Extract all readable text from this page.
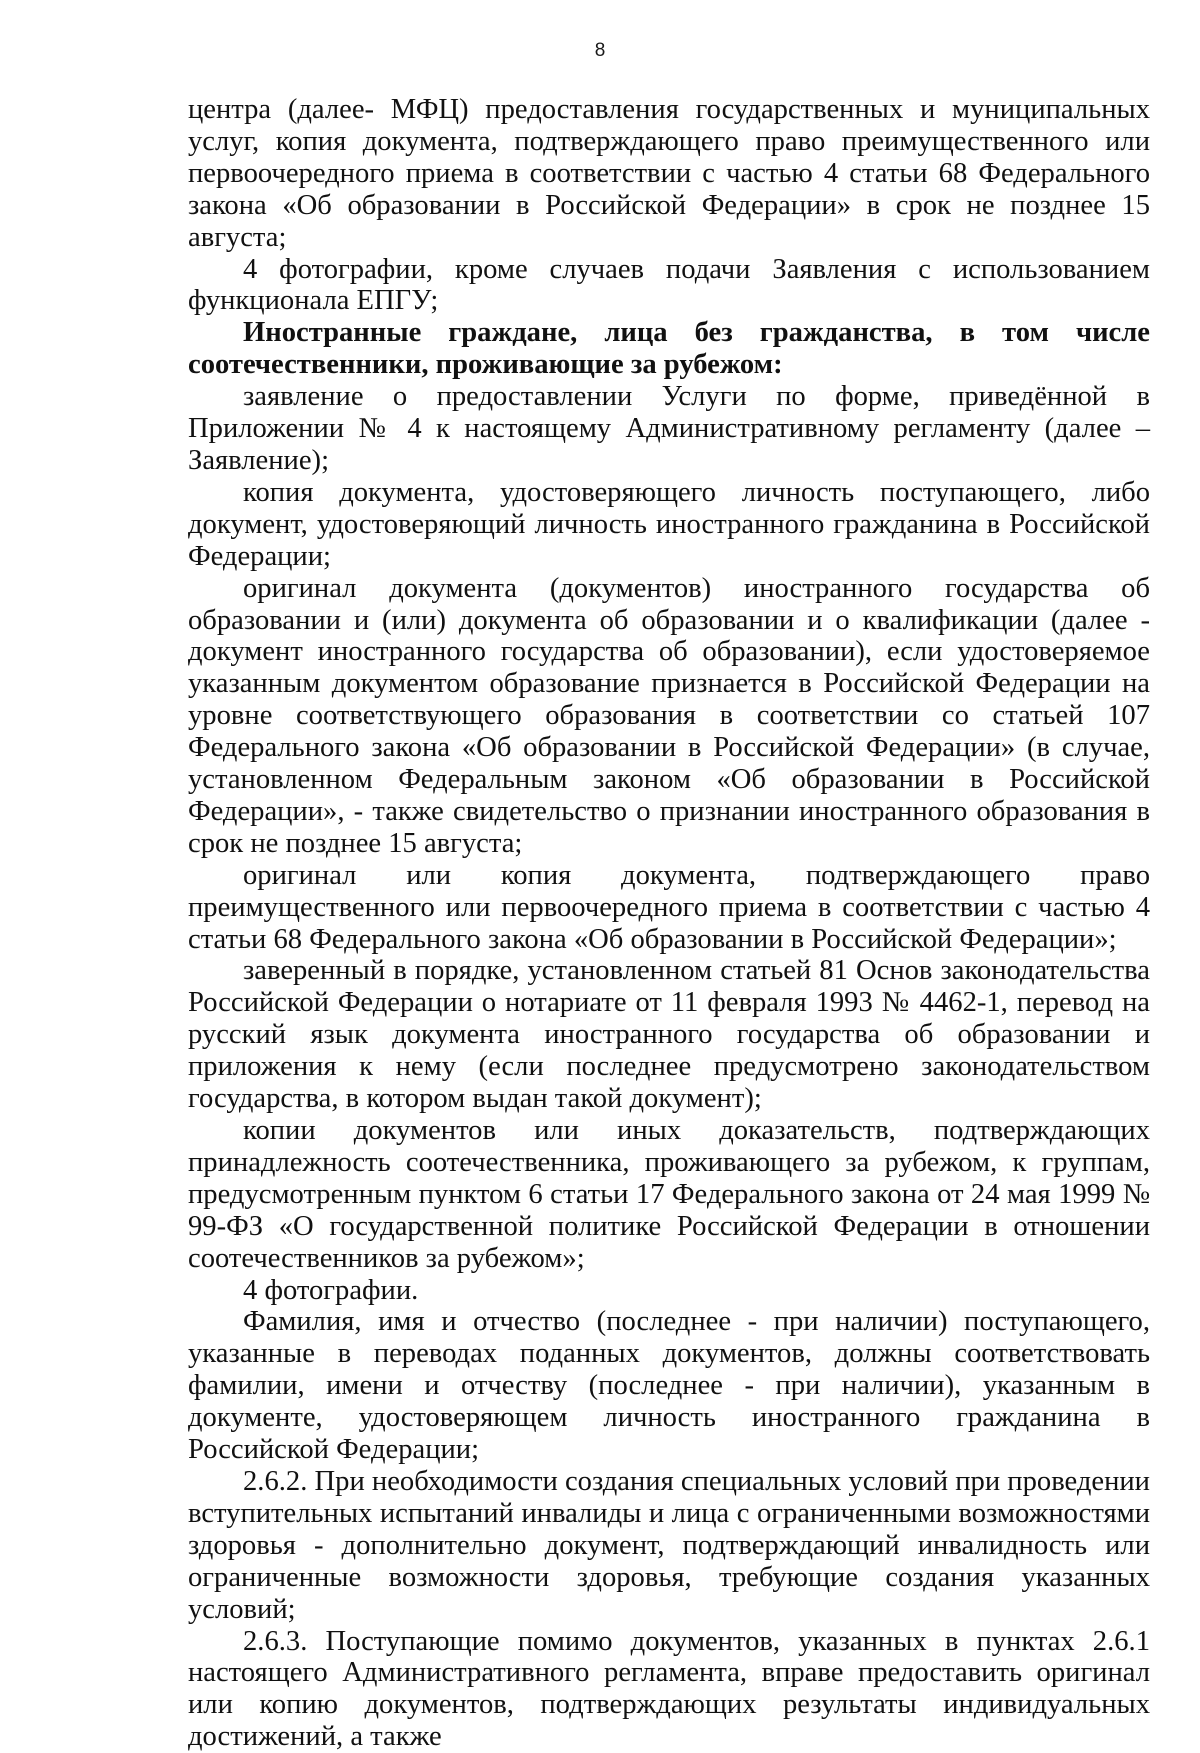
8

центра (далее- МФЦ) предоставления государственных и муниципальных услуг, копия документа, подтверждающего право преимущественного или первоочередного приема в соответствии с частью 4 статьи 68 Федерального закона «Об образовании в Российской Федерации» в срок не позднее 15 августа;

4 фотографии, кроме случаев подачи Заявления с использованием функционала ЕПГУ;

Иностранные граждане, лица без гражданства, в том числе соотечественники, проживающие за рубежом:

заявление о предоставлении Услуги по форме, приведённой в Приложении № 4 к настоящему Административному регламенту (далее – Заявление);

копия документа, удостоверяющего личность поступающего, либо документ, удостоверяющий личность иностранного гражданина в Российской Федерации;

оригинал документа (документов) иностранного государства об образовании и (или) документа об образовании и о квалификации (далее - документ иностранного государства об образовании), если удостоверяемое указанным документом образование признается в Российской Федерации на уровне соответствующего образования в соответствии со статьей 107 Федерального закона «Об образовании в Российской Федерации» (в случае, установленном Федеральным законом «Об образовании в Российской Федерации», - также свидетельство о признании иностранного образования в срок не позднее 15 августа;

оригинал или копия документа, подтверждающего право преимущественного или первоочередного приема в соответствии с частью 4 статьи 68 Федерального закона «Об образовании в Российской Федерации»;

заверенный в порядке, установленном статьей 81 Основ законодательства Российской Федерации о нотариате от 11 февраля 1993 № 4462-1, перевод на русский язык документа иностранного государства об образовании и приложения к нему (если последнее предусмотрено законодательством государства, в котором выдан такой документ);

копии документов или иных доказательств, подтверждающих принадлежность соотечественника, проживающего за рубежом, к группам, предусмотренным пунктом 6 статьи 17 Федерального закона от 24 мая 1999 № 99-ФЗ «О государственной политике Российской Федерации в отношении соотечественников за рубежом»;

4 фотографии.

Фамилия, имя и отчество (последнее - при наличии) поступающего, указанные в переводах поданных документов, должны соответствовать фамилии, имени и отчеству (последнее - при наличии), указанным в документе, удостоверяющем личность иностранного гражданина в Российской Федерации;

2.6.2. При необходимости создания специальных условий при проведении вступительных испытаний инвалиды и лица с ограниченными возможностями здоровья - дополнительно документ, подтверждающий инвалидность или ограниченные возможности здоровья, требующие создания указанных условий;

2.6.3. Поступающие помимо документов, указанных в пунктах 2.6.1 настоящего Административного регламента, вправе предоставить оригинал или копию документов, подтверждающих результаты индивидуальных достижений, а также
